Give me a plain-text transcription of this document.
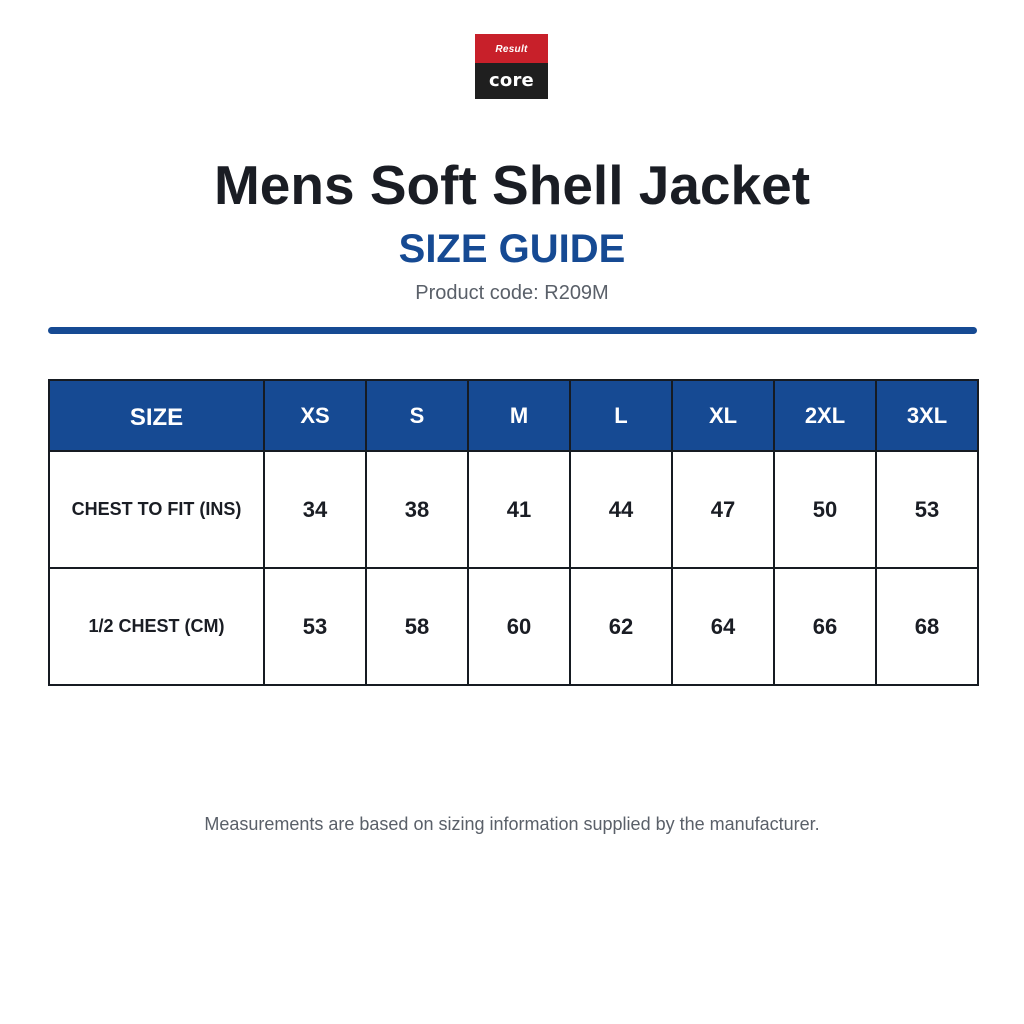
Result
core
Mens Soft Shell Jacket
SIZE GUIDE
Product code: R209M
SIZE	XS	S	M	L	XL	2XL	3XL
CHEST TO FIT (INS)	34	38	41	44	47	50	53
1/2 CHEST (CM)	53	58	60	62	64	66	68
Measurements are based on sizing information supplied by the manufacturer.
